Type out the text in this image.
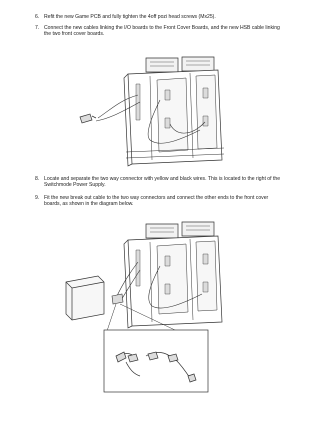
6. Refit the new Game PCB and fully tighten the 4off pozi head screws (Mx25).
7. Connect the new cables linking the I/O boards to the Front Cover Boards, and the new HSB cable linking the two front cover boards.
8. Locate and separate the two way connector with yellow and black wires. This is located to the right of the Switchmode Power Supply.
9. Fit the new break out cable to the two way connectors and connect the other ends to the front cover boards, as shown in the diagram below.
